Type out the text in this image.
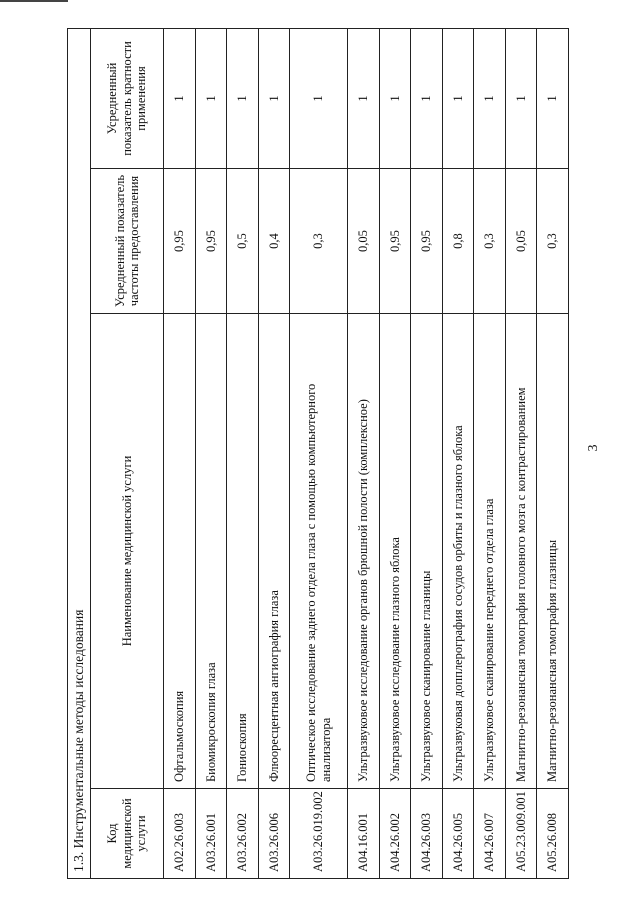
3
1.3. Инструментальные методы исследования			
Код медицинской услуги	Наименование медицинской услуги	Усредненный показатель частоты предоставления	Усредненный показатель кратности применения
A02.26.003	Офтальмоскопия	0,95	1
A03.26.001	Биомикроскопия глаза	0,95	1
A03.26.002	Гониоскопия	0,5	1
A03.26.006	Флюоресцентная ангиография глаза	0,4	1
A03.26.019.002	Оптическое исследование заднего отдела глаза с помощью компьютерного анализатора	0,3	1
A04.16.001	Ультразвуковое исследование органов брюшной полости (комплексное)	0,05	1
A04.26.002	Ультразвуковое исследование глазного яблока	0,95	1
A04.26.003	Ультразвуковое сканирование глазницы	0,95	1
A04.26.005	Ультразвуковая допплерография сосудов орбиты и глазного яблока	0,8	1
A04.26.007	Ультразвуковое сканирование переднего отдела глаза	0,3	1
A05.23.009.001	Магнитно-резонансная томография головного мозга с контрастированием	0,05	1
A05.26.008	Магнитно-резонансная томография глазницы	0,3	1
